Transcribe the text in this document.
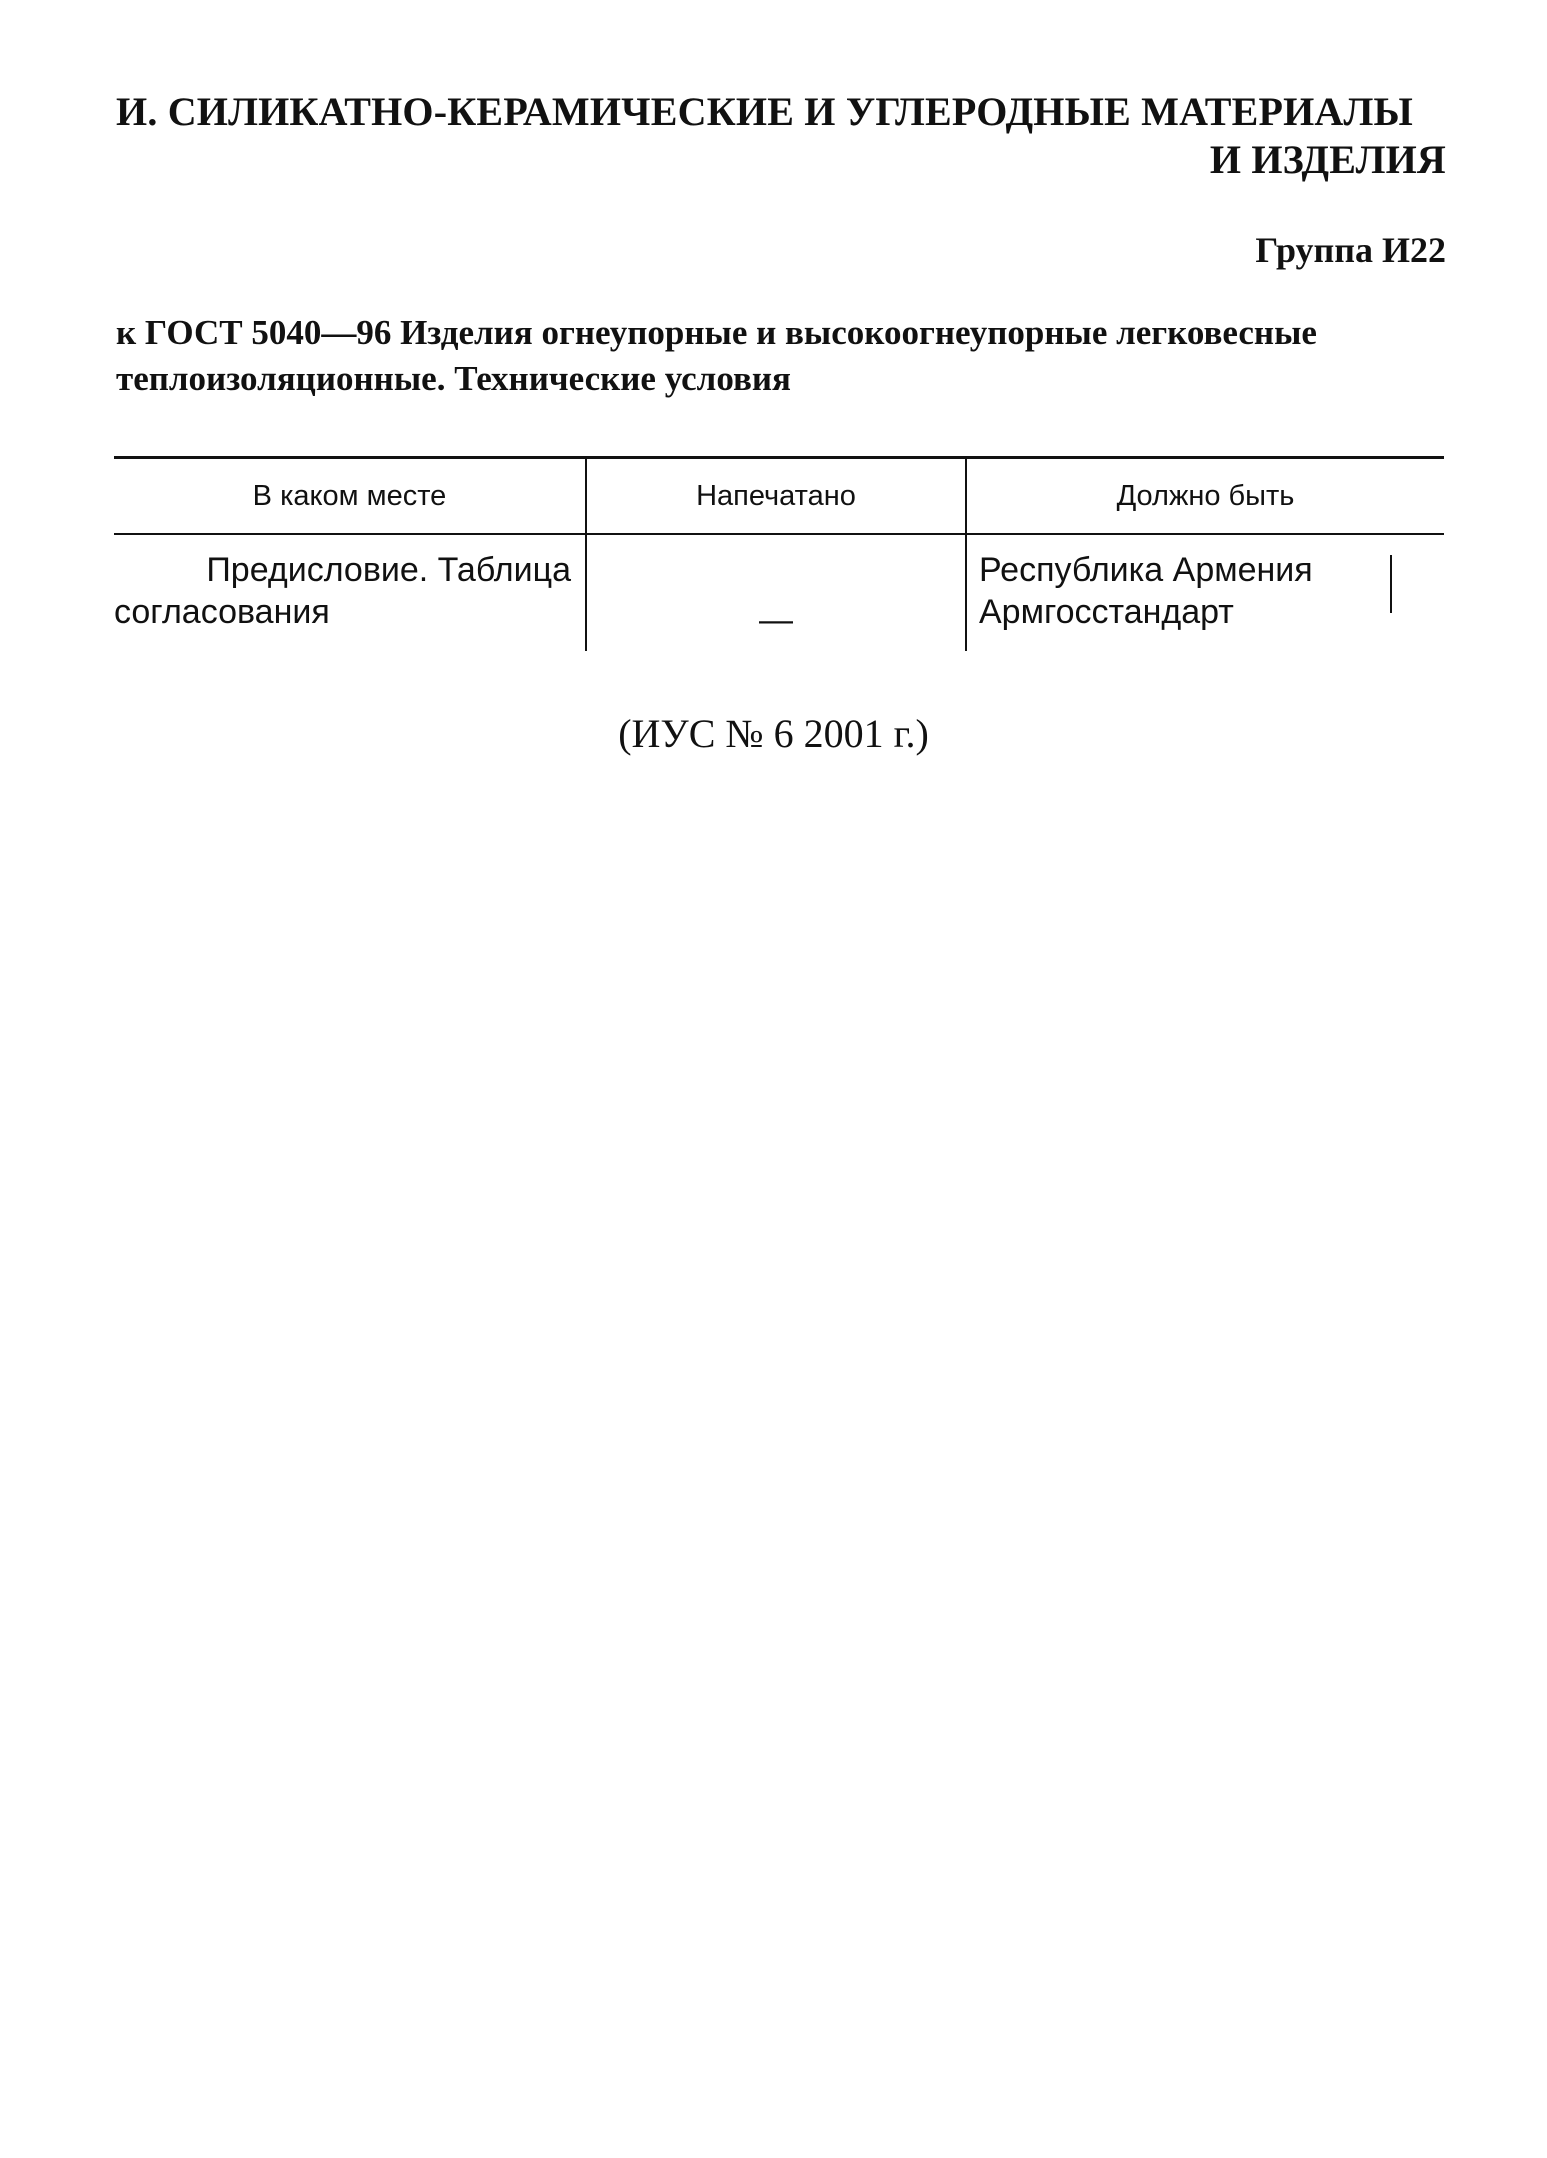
И. СИЛИКАТНО-КЕРАМИЧЕСКИЕ И УГЛЕРОДНЫЕ МАТЕРИАЛЫ
И ИЗДЕЛИЯ
Группа И22
к ГОСТ 5040—96 Изделия огнеупорные и высокоогнеупорные легковесные
теплоизоляционные. Технические условия
В каком месте	Напечатано	Должно быть

Предисловие. Таблица
согласования	—	Республика Армения
Армгосстандарт
(ИУС № 6 2001 г.)
